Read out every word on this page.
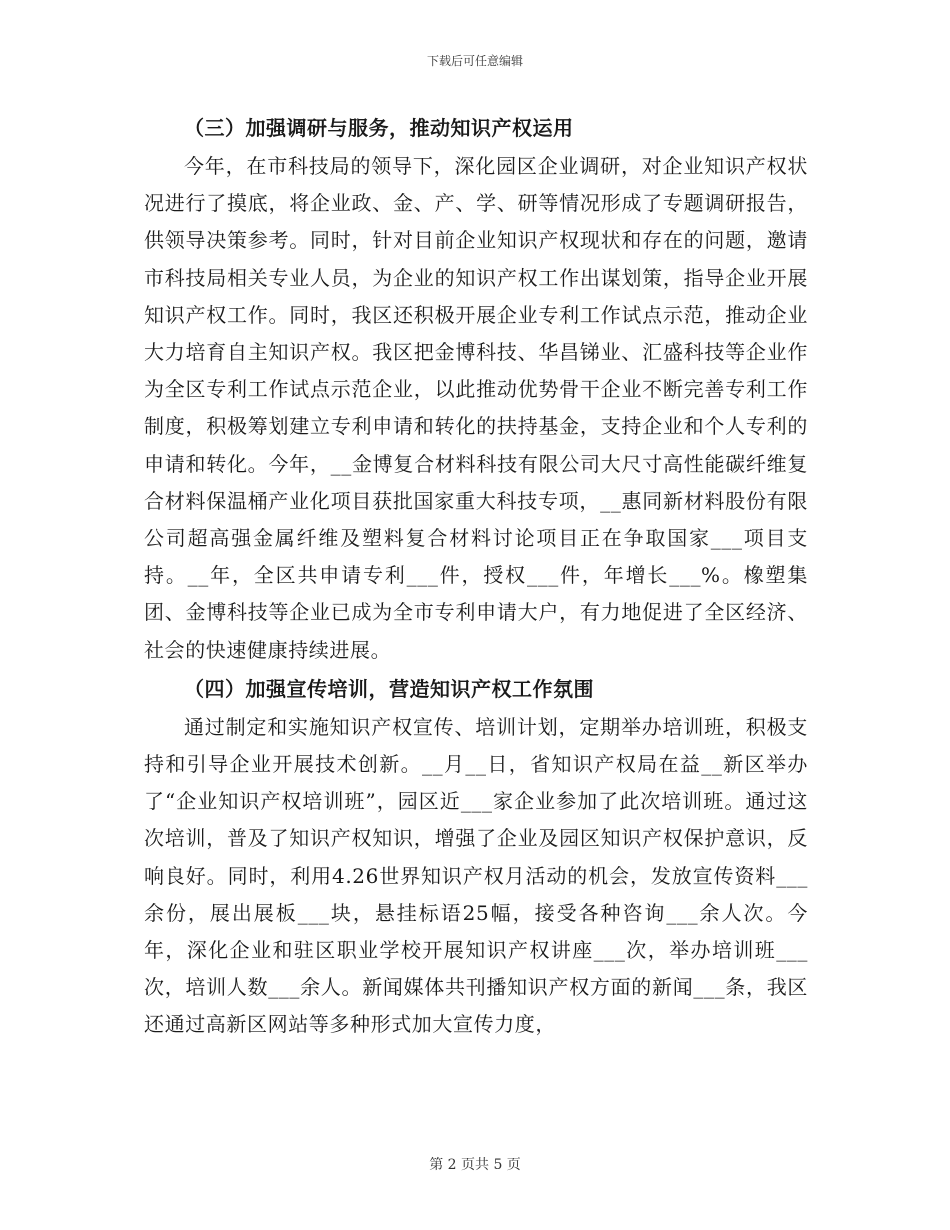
下载后可任意编辑
（三）加强调研与服务，推动知识产权运用

今年，在市科技局的领导下，深化园区企业调研，对企业知识产权状况进行了摸底，将企业政、金、产、学、研等情况形成了专题调研报告，供领导决策参考。同时，针对目前企业知识产权现状和存在的问题，邀请市科技局相关专业人员，为企业的知识产权工作出谋划策，指导企业开展知识产权工作。同时，我区还积极开展企业专利工作试点示范，推动企业大力培育自主知识产权。我区把金博科技、华昌锑业、汇盛科技等企业作为全区专利工作试点示范企业，以此推动优势骨干企业不断完善专利工作制度，积极筹划建立专利申请和转化的扶持基金，支持企业和个人专利的申请和转化。今年，__金博复合材料科技有限公司大尺寸高性能碳纤维复合材料保温桶产业化项目获批国家重大科技专项，__惠同新材料股份有限公司超高强金属纤维及塑料复合材料讨论项目正在争取国家___项目支持。__年，全区共申请专利___件，授权___件，年增长___%。橡塑集团、金博科技等企业已成为全市专利申请大户，有力地促进了全区经济、社会的快速健康持续进展。

（四）加强宣传培训，营造知识产权工作氛围

通过制定和实施知识产权宣传、培训计划，定期举办培训班，积极支持和引导企业开展技术创新。__月__日，省知识产权局在益__新区举办了“企业知识产权培训班”，园区近___家企业参加了此次培训班。通过这次培训，普及了知识产权知识，增强了企业及园区知识产权保护意识，反响良好。同时，利用4.26世界知识产权月活动的机会，发放宣传资料___余份，展出展板___块，悬挂标语25幅，接受各种咨询___余人次。今年，深化企业和驻区职业学校开展知识产权讲座___次，举办培训班___次，培训人数___余人。新闻媒体共刊播知识产权方面的新闻___条，我区还通过高新区网站等多种形式加大宣传力度，

第 2 页共 5 页
